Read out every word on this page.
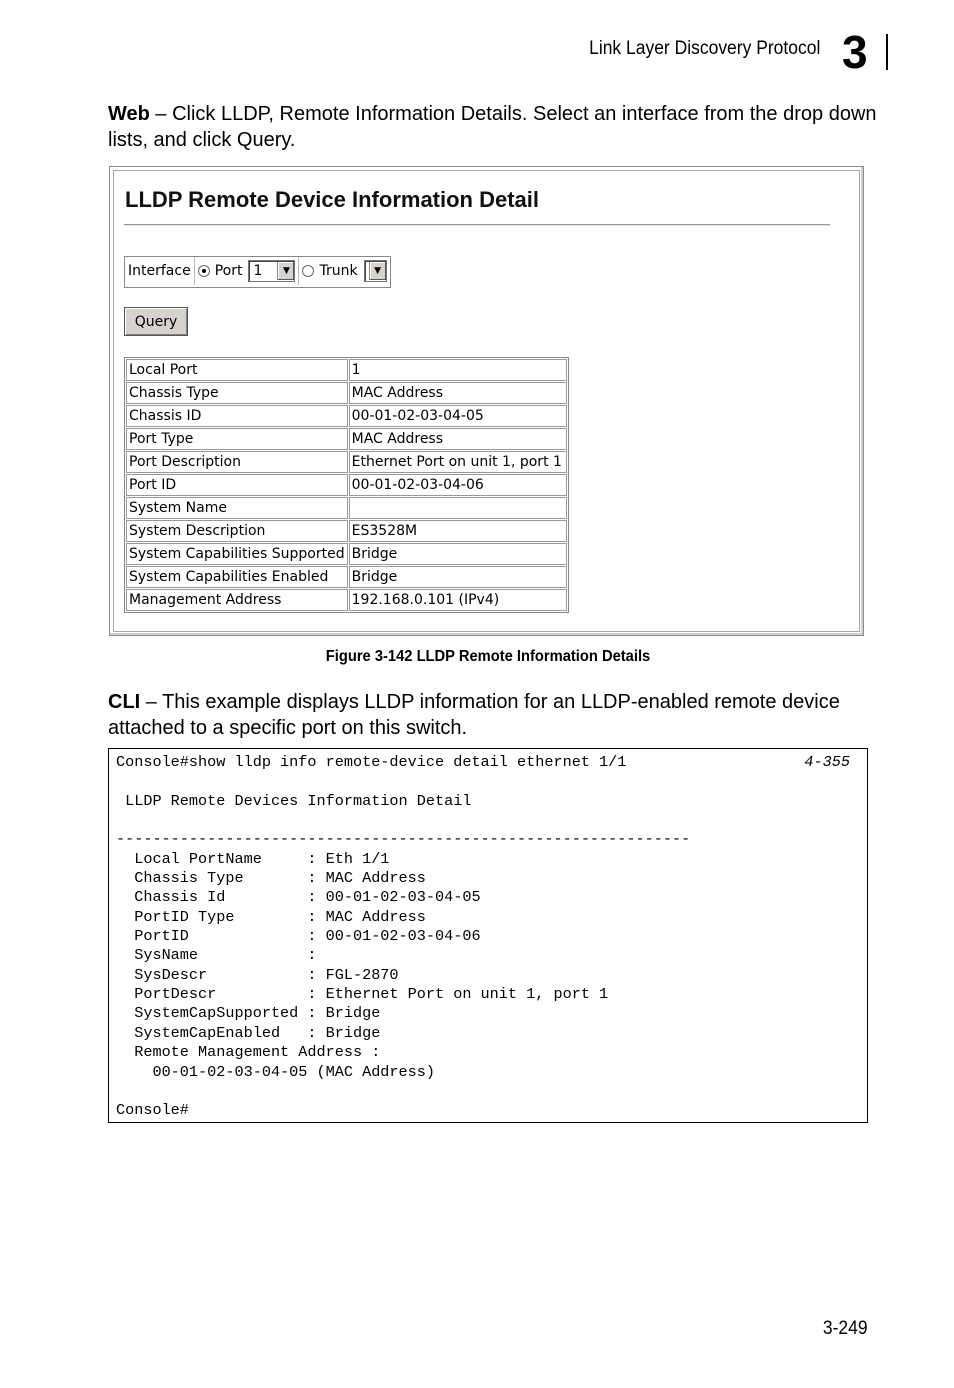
Link Layer Discovery Protocol 3
Web – Click LLDP, Remote Information Details. Select an interface from the drop down lists, and click Query.
LLDP Remote Device Information Detail
Interface Port 1	▼	Trunk	▼
Query
Local Port	1
Chassis Type	MAC Address
Chassis ID	00-01-02-03-04-05
Port Type	MAC Address
Port Description	Ethernet Port on unit 1, port 1
Port ID	00-01-02-03-04-06
System Name	
System Description	ES3528M
System Capabilities Supported	Bridge
System Capabilities Enabled	Bridge
Management Address	192.168.0.101 (IPv4)
Figure 3-142 LLDP Remote Information Details
CLI – This example displays LLDP information for an LLDP-enabled remote device attached to a specific port on this switch.
Console#show lldp info remote-device detail ethernet 1/1

LLDP Remote Devices Information Detail

---------------------------------------------------------------
Local PortName     : Eth 1/1
Chassis Type       : MAC Address
Chassis Id         : 00-01-02-03-04-05
PortID Type        : MAC Address
PortID             : 00-01-02-03-04-06
SysName            :
SysDescr           : FGL-2870
PortDescr          : Ethernet Port on unit 1, port 1
SystemCapSupported : Bridge
SystemCapEnabled   : Bridge
Remote Management Address :
00-01-02-03-04-05 (MAC Address)

Console#

4-355
3-249
